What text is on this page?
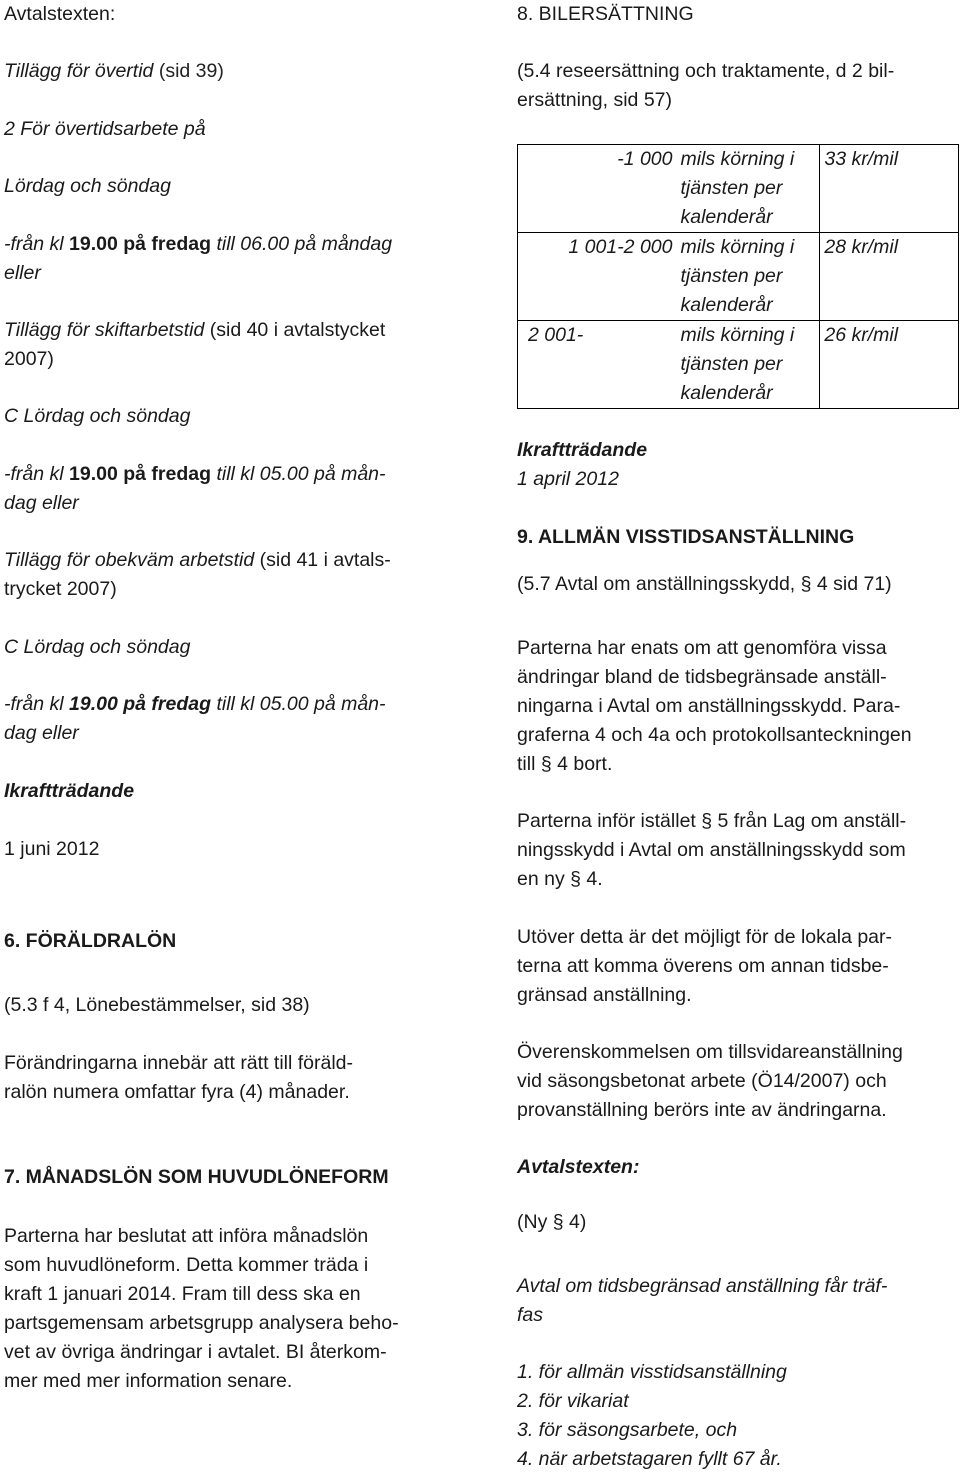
Avtalstexten:
Tillägg för övertid (sid 39)
2 För övertidsarbete på
Lördag och söndag
-från kl 19.00 på fredag till 06.00 på måndag
eller
Tillägg för skiftarbetstid (sid 40 i avtalstycket
2007)
C Lördag och söndag
-från kl 19.00 på fredag till kl 05.00 på mån-
dag eller
Tillägg för obekväm arbetstid (sid 41 i avtals-
trycket 2007)
C Lördag och söndag
-från kl 19.00 på fredag till kl 05.00 på mån-
dag eller
Ikraftträdande
1 juni 2012
6. FÖRÄLDRALÖN
(5.3 f 4, Lönebestämmelser, sid 38)
Förändringarna innebär att rätt till föräld-
ralön numera omfattar fyra (4) månader.
7. MÅNADSLÖN SOM HUVUDLÖNEFORM
Parterna har beslutat att införa månadslön
som huvudlöneform. Detta kommer träda i
kraft 1 januari 2014. Fram till dess ska en
partsgemensam arbetsgrupp analysera beho-
vet av övriga ändringar i avtalet. BI återkom-
mer med mer information senare.
8. BILERSÄTTNING
(5.4 reseersättning och traktamente, d 2 bil-
ersättning, sid 57)
-1 000	mils körning i
tjänsten per
kalenderår	33 kr/mil
1 001-2 000	mils körning i
tjänsten per
kalenderår	28 kr/mil
2 001-	mils körning i
tjänsten per
kalenderår	26 kr/mil
Ikraftträdande
1 april 2012
9. ALLMÄN VISSTIDSANSTÄLLNING
(5.7 Avtal om anställningsskydd, § 4 sid 71)
Parterna har enats om att genomföra vissa
ändringar bland de tidsbegränsade anställ-
ningarna i Avtal om anställningsskydd. Para-
graferna 4 och 4a och protokollsanteckningen
till § 4 bort.
Parterna inför istället § 5 från Lag om anställ-
ningsskydd i Avtal om anställningsskydd som
en ny § 4.
Utöver detta är det möjligt för de lokala par-
terna att komma överens om annan tidsbe-
gränsad anställning.
Överenskommelsen om tillsvidareanställning
vid säsongsbetonat arbete (Ö14/2007) och
provanställning berörs inte av ändringarna.
Avtalstexten:
(Ny § 4)
Avtal om tidsbegränsad anställning får träf-
fas
1. för allmän visstidsanställning
2. för vikariat
3. för säsongsarbete, och
4. när arbetstagaren fyllt 67 år.
